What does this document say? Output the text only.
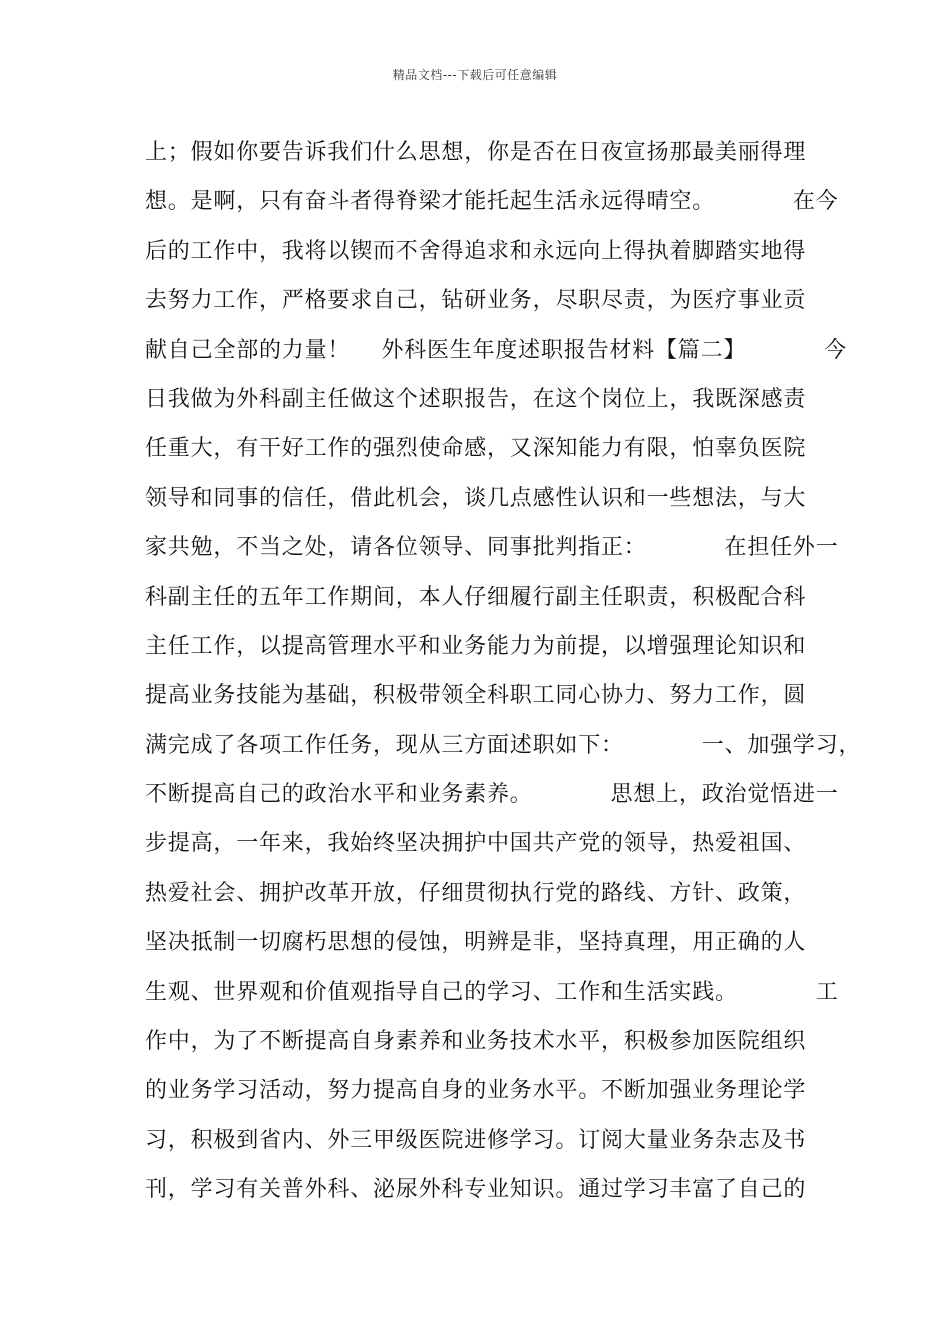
精品文档---下载后可任意编辑
上；假如你要告诉我们什么思想，你是否在日夜宣扬那最美丽得理
想。是啊，只有奋斗者得脊梁才能托起生活永远得晴空。          在今
后的工作中，我将以锲而不舍得追求和永远向上得执着脚踏实地得
去努力工作，严格要求自己，钻研业务，尽职尽责，为医疗事业贡
献自己全部的力量！    外科医生年度述职报告材料【篇二】          今
日我做为外科副主任做这个述职报告，在这个岗位上，我既深感责
任重大，有干好工作的强烈使命感，又深知能力有限，怕辜负医院
领导和同事的信任，借此机会，谈几点感性认识和一些想法，与大
家共勉，不当之处，请各位领导、同事批判指正：          在担任外一
科副主任的五年工作期间，本人仔细履行副主任职责，积极配合科
主任工作，以提高管理水平和业务能力为前提，以增强理论知识和
提高业务技能为基础，积极带领全科职工同心协力、努力工作，圆
满完成了各项工作任务，现从三方面述职如下：          一、加强学习，
不断提高自己的政治水平和业务素养。          思想上，政治觉悟进一
步提高，一年来，我始终坚决拥护中国共产党的领导，热爱祖国、
热爱社会、拥护改革开放，仔细贯彻执行党的路线、方针、政策，
坚决抵制一切腐朽思想的侵蚀，明辨是非，坚持真理，用正确的人
生观、世界观和价值观指导自己的学习、工作和生活实践。          工
作中，为了不断提高自身素养和业务技术水平，积极参加医院组织
的业务学习活动，努力提高自身的业务水平。不断加强业务理论学
习，积极到省内、外三甲级医院进修学习。订阅大量业务杂志及书
刊，学习有关普外科、泌尿外科专业知识。通过学习丰富了自己的
